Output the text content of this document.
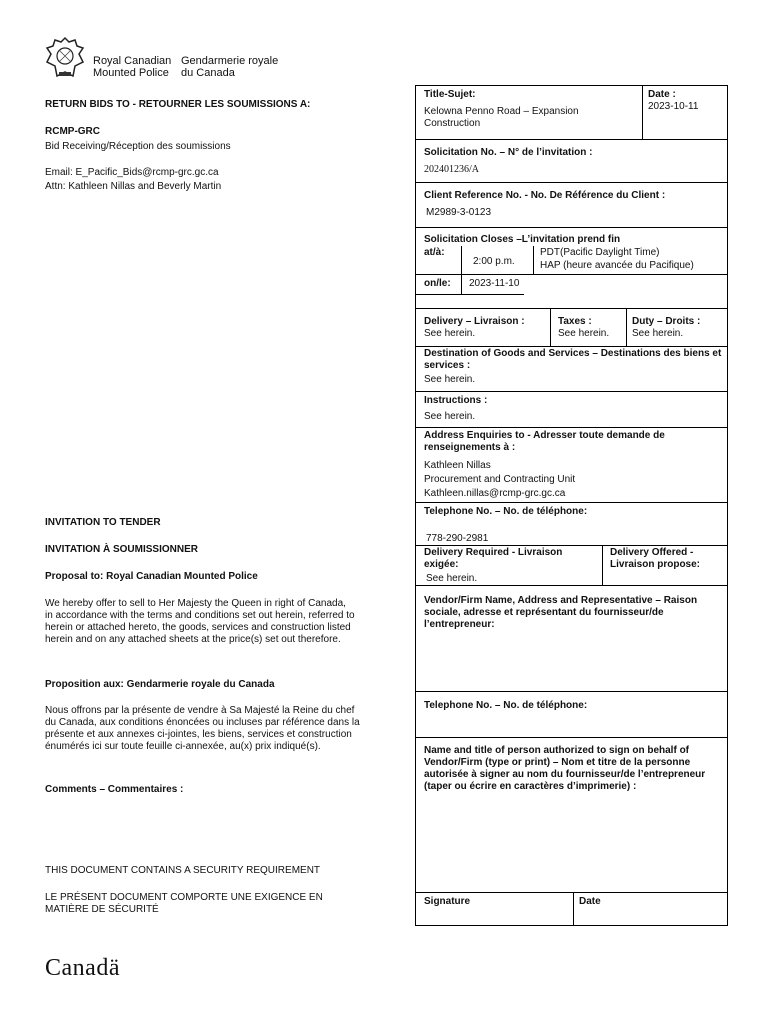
Royal Canadian
Mounted Police
Gendarmerie royale
du Canada
RETURN BIDS TO - RETOURNER LES SOUMISSIONS A:
RCMP-GRC
Bid Receiving/Réception des soumissions
Email: E_Pacific_Bids@rcmp-grc.gc.ca
Attn: Kathleen Nillas and Beverly Martin
INVITATION TO TENDER
INVITATION À SOUMISSIONNER
Proposal to: Royal Canadian Mounted Police
We hereby offer to sell to Her Majesty the Queen in right of Canada, in accordance with the terms and conditions set out herein, referred to herein or attached hereto, the goods, services and construction listed herein and on any attached sheets at the price(s) set out therefore.
Proposition aux: Gendarmerie royale du Canada
Nous offrons par la présente de vendre à Sa Majesté la Reine du chef du Canada, aux conditions énoncées ou incluses par référence dans la présente et aux annexes ci-jointes, les biens, services et construction énumérés ici sur toute feuille ci-annexée, au(x) prix indiqué(s).
Comments – Commentaires :
THIS DOCUMENT CONTAINS A SECURITY REQUIREMENT
LE PRÉSENT DOCUMENT COMPORTE UNE EXIGENCE EN MATIÈRE DE SÉCURITÉ
Title-Sujet:
Kelowna Penno Road – Expansion Construction
Date :
2023-10-11
Solicitation No. – N° de l’invitation :
202401236/A
Client Reference No. - No. De Référence du Client :
M2989-3-0123
Solicitation Closes –L’invitation prend fin
at/à:
2:00 p.m.
PDT(Pacific Daylight Time)
HAP (heure avancée du Pacifique)
on/le: 2023-11-10
Delivery – Livraison :
See herein.
Taxes :
See herein.
Duty – Droits :
See herein.
Destination of Goods and Services – Destinations des biens et services :
See herein.
Instructions :
See herein.
Address Enquiries to - Adresser toute demande de renseignements à :
Kathleen Nillas
Procurement and Contracting Unit
Kathleen.nillas@rcmp-grc.gc.ca
Telephone No. – No. de téléphone:
778-290-2981
Delivery Required - Livraison exigée:
See herein.
Delivery Offered - Livraison propose:
Vendor/Firm Name, Address and Representative – Raison sociale, adresse et représentant du fournisseur/de l’entrepreneur:
Telephone No. – No. de téléphone:
Name and title of person authorized to sign on behalf of Vendor/Firm (type or print) – Nom et titre de la personne autorisée à signer au nom du fournisseur/de l’entrepreneur (taper ou écrire en caractères d’imprimerie) :
Signature	Date
Canadä
